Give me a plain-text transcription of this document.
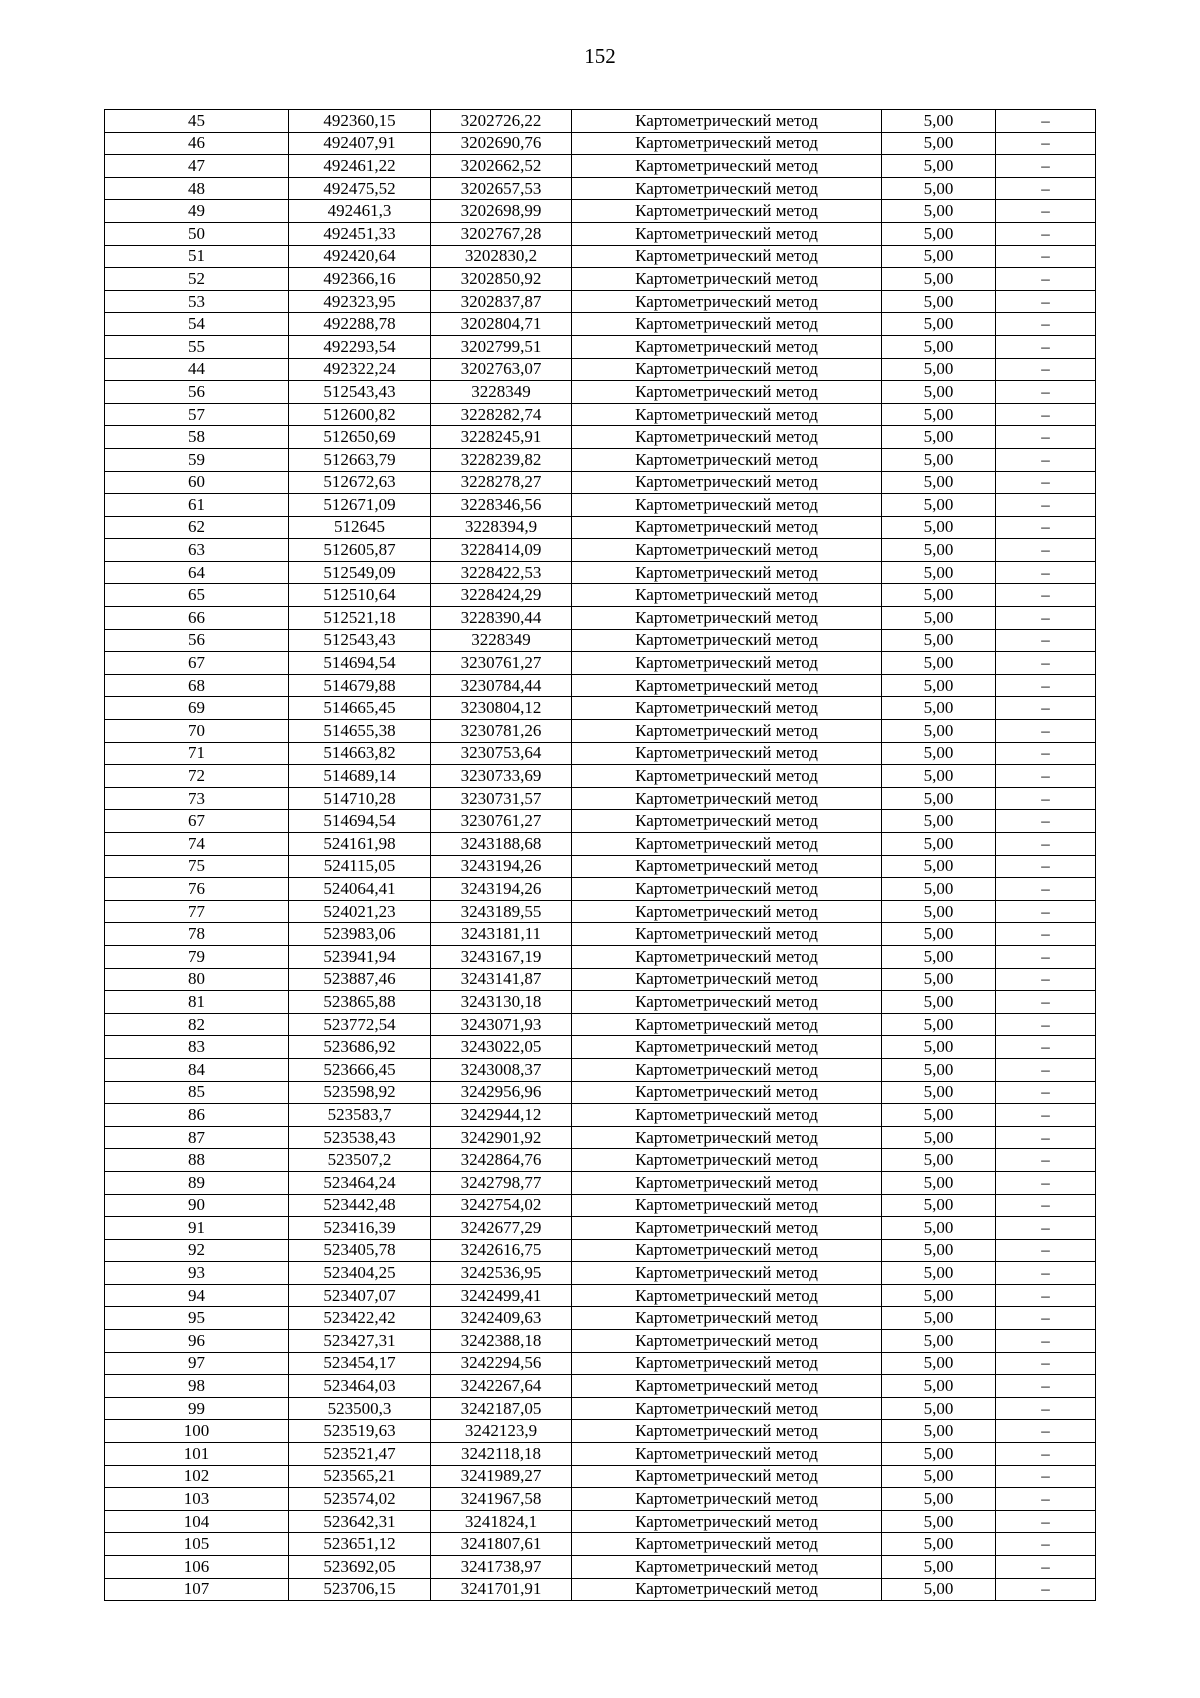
152
45	492360,15	3202726,22	Картометрический метод	5,00	–
46	492407,91	3202690,76	Картометрический метод	5,00	–
47	492461,22	3202662,52	Картометрический метод	5,00	–
48	492475,52	3202657,53	Картометрический метод	5,00	–
49	492461,3	3202698,99	Картометрический метод	5,00	–
50	492451,33	3202767,28	Картометрический метод	5,00	–
51	492420,64	3202830,2	Картометрический метод	5,00	–
52	492366,16	3202850,92	Картометрический метод	5,00	–
53	492323,95	3202837,87	Картометрический метод	5,00	–
54	492288,78	3202804,71	Картометрический метод	5,00	–
55	492293,54	3202799,51	Картометрический метод	5,00	–
44	492322,24	3202763,07	Картометрический метод	5,00	–
56	512543,43	3228349	Картометрический метод	5,00	–
57	512600,82	3228282,74	Картометрический метод	5,00	–
58	512650,69	3228245,91	Картометрический метод	5,00	–
59	512663,79	3228239,82	Картометрический метод	5,00	–
60	512672,63	3228278,27	Картометрический метод	5,00	–
61	512671,09	3228346,56	Картометрический метод	5,00	–
62	512645	3228394,9	Картометрический метод	5,00	–
63	512605,87	3228414,09	Картометрический метод	5,00	–
64	512549,09	3228422,53	Картометрический метод	5,00	–
65	512510,64	3228424,29	Картометрический метод	5,00	–
66	512521,18	3228390,44	Картометрический метод	5,00	–
56	512543,43	3228349	Картометрический метод	5,00	–
67	514694,54	3230761,27	Картометрический метод	5,00	–
68	514679,88	3230784,44	Картометрический метод	5,00	–
69	514665,45	3230804,12	Картометрический метод	5,00	–
70	514655,38	3230781,26	Картометрический метод	5,00	–
71	514663,82	3230753,64	Картометрический метод	5,00	–
72	514689,14	3230733,69	Картометрический метод	5,00	–
73	514710,28	3230731,57	Картометрический метод	5,00	–
67	514694,54	3230761,27	Картометрический метод	5,00	–
74	524161,98	3243188,68	Картометрический метод	5,00	–
75	524115,05	3243194,26	Картометрический метод	5,00	–
76	524064,41	3243194,26	Картометрический метод	5,00	–
77	524021,23	3243189,55	Картометрический метод	5,00	–
78	523983,06	3243181,11	Картометрический метод	5,00	–
79	523941,94	3243167,19	Картометрический метод	5,00	–
80	523887,46	3243141,87	Картометрический метод	5,00	–
81	523865,88	3243130,18	Картометрический метод	5,00	–
82	523772,54	3243071,93	Картометрический метод	5,00	–
83	523686,92	3243022,05	Картометрический метод	5,00	–
84	523666,45	3243008,37	Картометрический метод	5,00	–
85	523598,92	3242956,96	Картометрический метод	5,00	–
86	523583,7	3242944,12	Картометрический метод	5,00	–
87	523538,43	3242901,92	Картометрический метод	5,00	–
88	523507,2	3242864,76	Картометрический метод	5,00	–
89	523464,24	3242798,77	Картометрический метод	5,00	–
90	523442,48	3242754,02	Картометрический метод	5,00	–
91	523416,39	3242677,29	Картометрический метод	5,00	–
92	523405,78	3242616,75	Картометрический метод	5,00	–
93	523404,25	3242536,95	Картометрический метод	5,00	–
94	523407,07	3242499,41	Картометрический метод	5,00	–
95	523422,42	3242409,63	Картометрический метод	5,00	–
96	523427,31	3242388,18	Картометрический метод	5,00	–
97	523454,17	3242294,56	Картометрический метод	5,00	–
98	523464,03	3242267,64	Картометрический метод	5,00	–
99	523500,3	3242187,05	Картометрический метод	5,00	–
100	523519,63	3242123,9	Картометрический метод	5,00	–
101	523521,47	3242118,18	Картометрический метод	5,00	–
102	523565,21	3241989,27	Картометрический метод	5,00	–
103	523574,02	3241967,58	Картометрический метод	5,00	–
104	523642,31	3241824,1	Картометрический метод	5,00	–
105	523651,12	3241807,61	Картометрический метод	5,00	–
106	523692,05	3241738,97	Картометрический метод	5,00	–
107	523706,15	3241701,91	Картометрический метод	5,00	–
